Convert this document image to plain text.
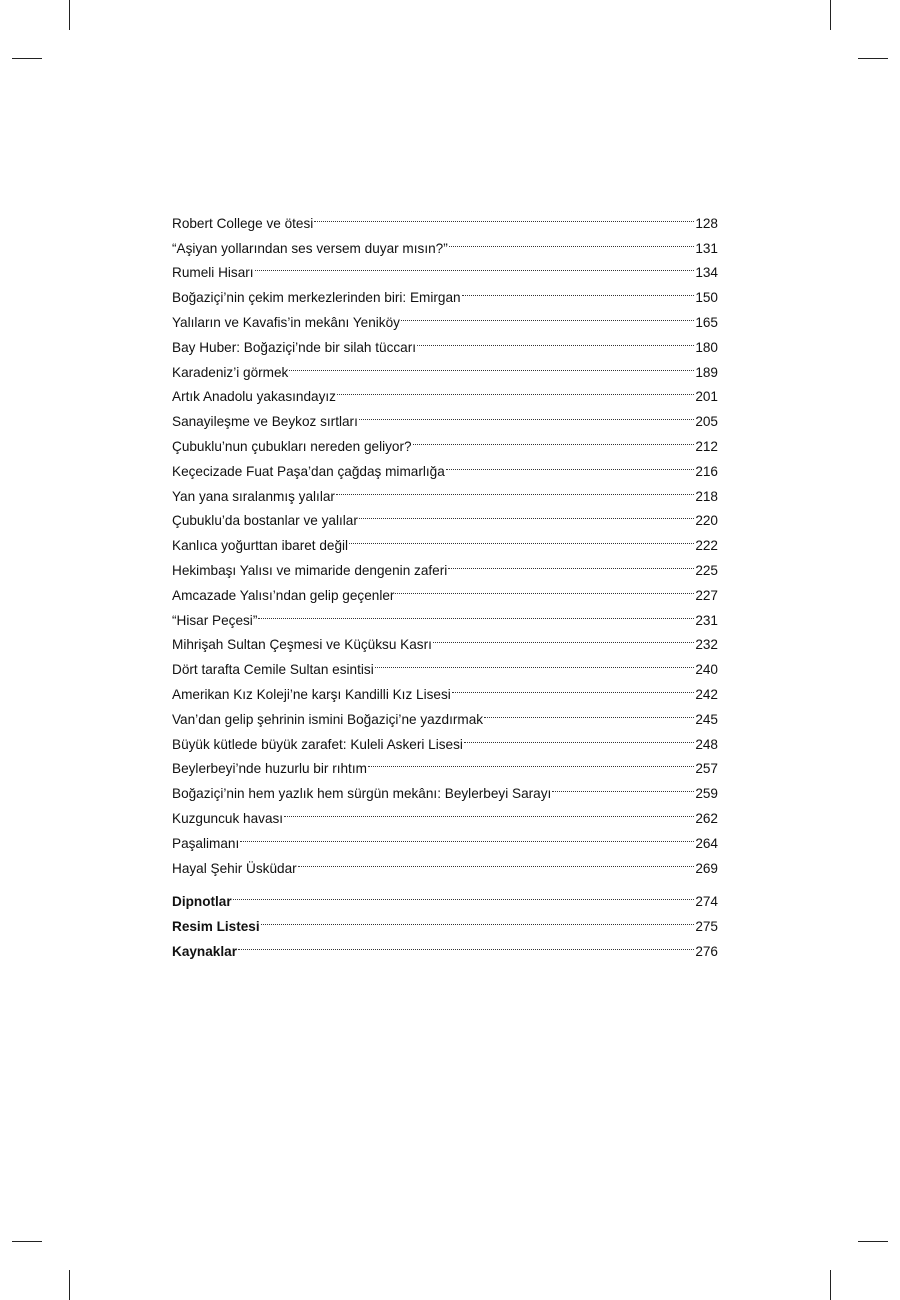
Robert College ve ötesi	128
“Aşiyan yollarından ses versem duyar mısın?”	131
Rumeli Hisarı	134
Boğaziçi’nin çekim merkezlerinden biri: Emirgan	150
Yalıların ve Kavafis’in mekânı Yeniköy	165
Bay Huber: Boğaziçi’nde bir silah tüccarı	180
Karadeniz’i görmek	189
Artık Anadolu yakasındayız	201
Sanayileşme ve Beykoz sırtları	205
Çubuklu’nun çubukları nereden geliyor?	212
Keçecizade Fuat Paşa’dan çağdaş mimarlığa	216
Yan yana sıralanmış yalılar	218
Çubuklu’da bostanlar ve yalılar	220
Kanlıca yoğurttan ibaret değil	222
Hekimbaşı Yalısı ve mimaride dengenin zaferi	225
Amcazade Yalısı’ndan gelip geçenler	227
“Hisar Peçesi”	231
Mihrişah Sultan Çeşmesi ve Küçüksu Kasrı	232
Dört tarafta Cemile Sultan esintisi	240
Amerikan Kız Koleji’ne karşı Kandilli Kız Lisesi	242
Van’dan gelip şehrinin ismini Boğaziçi’ne yazdırmak	245
Büyük kütlede büyük zarafet: Kuleli Askeri Lisesi	248
Beylerbeyi’nde huzurlu bir rıhtım	257
Boğaziçi’nin hem yazlık hem sürgün mekânı: Beylerbeyi Sarayı	259
Kuzguncuk havası	262
Paşalimanı	264
Hayal Şehir Üsküdar	269
Dipnotlar	274
Resim Listesi	275
Kaynaklar	276
